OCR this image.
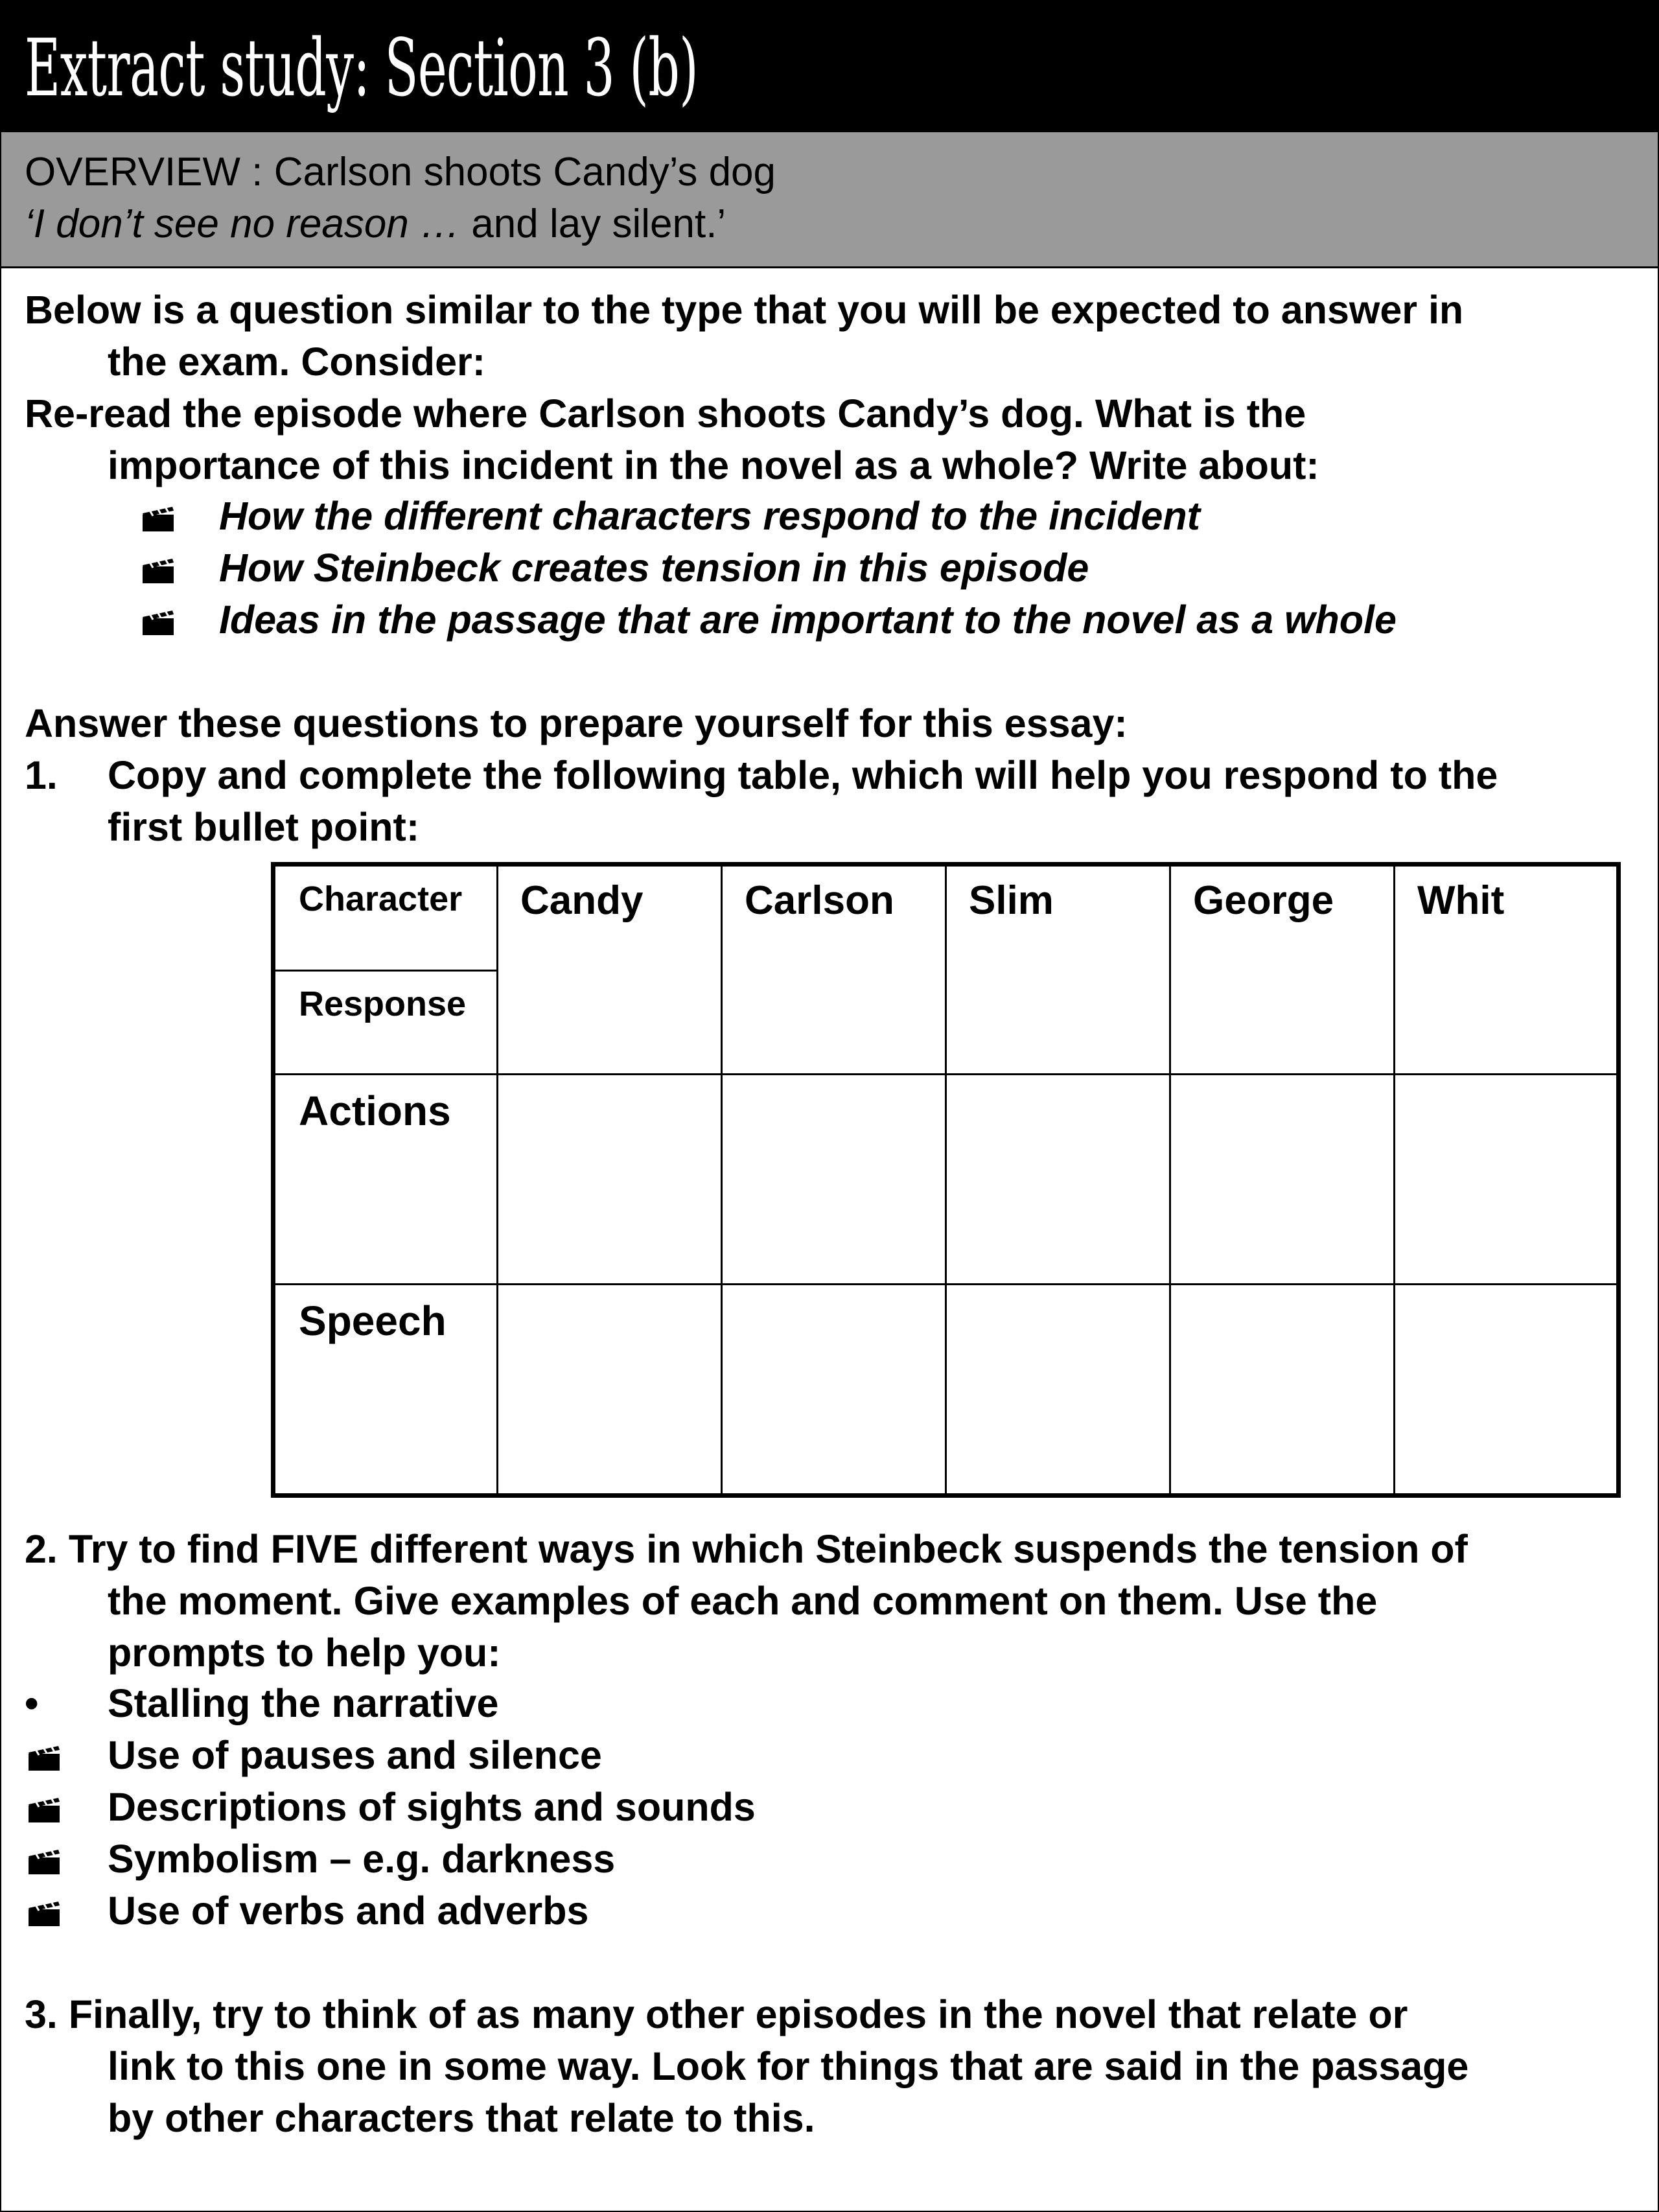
Extract study: Section 3 (b)
OVERVIEW : Carlson shoots Candy’s dog
‘I don’t see no reason … and lay silent.’
Below is a question similar to the type that you will be expected to answer in
the exam. Consider:
Re-read the episode where Carlson shoots Candy’s dog. What is the
importance of this incident in the novel as a whole? Write about:
How the different characters respond to the incident
How Steinbeck creates tension in this episode
Ideas in the passage that are important to the novel as a whole
Answer these questions to prepare yourself for this essay:
1. Copy and complete the following table, which will help you respond to the
first bullet point:
Character
Response	Candy	Carlson	Slim	George	Whit
Actions					
Speech					
2. Try to find FIVE different ways in which Steinbeck suspends the tension of
the moment. Give examples of each and comment on them. Use the
prompts to help you:
•	Stalling the narrative
Use of pauses and silence
Descriptions of sights and sounds
Symbolism – e.g. darkness
Use of verbs and adverbs
3. Finally, try to think of as many other episodes in the novel that relate or
link to this one in some way. Look for things that are said in the passage
by other characters that relate to this.
